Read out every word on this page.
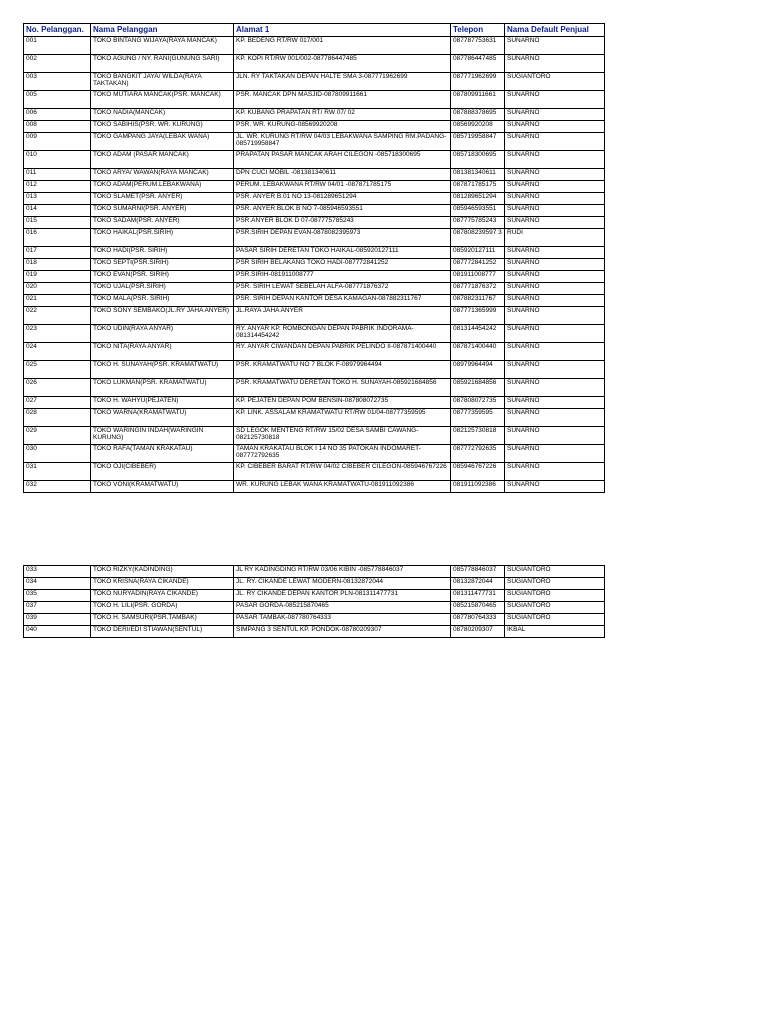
No. Pelanggan.	Nama Pelanggan	Alamat 1	Telepon	Nama Default Penjual
001	TOKO BINTANG WIJAYA(RAYA MANCAK)	KP. BEDENG RT/RW 017/001	087787753631	SUNARNO
002	TOKO AGUNG / NY. RANI(GUNUNG SARI)	KP. KOPI RT/RW 001/002-087786447485	087786447485	SUNARNO
003	TOKO BANGKIT JAYA/ WILDA(RAYA TAKTAKAN)	JLN. RY TAKTAKAN DEPAN HALTE SMA 3-087771962699	087771962699	SUGIANTORO
005	TOKO MUTIARA MANCAK(PSR. MANCAK)	PSR. MANCAK DPN MASJID-087809911661	087809911661	SUNARNO
006	TOKO NADIA(MANCAK)	KP. KUBANG PRAPATAN RT/ RW 07/ 02	087888378695	SUNARNO
008	TOKO SABIHIS(PSR. WR. KURUNG)	PSR. WR. KURUNG-08569920208	08569920208	SUNARNO
009	TOKO GAMPANG JAYA(LEBAK WANA)	JL. WR. KURUNG RT/RW 04/03 LEBAKWANA SAMPING RM.PADANG-085719958847	085719958847	SUNARNO
010	TOKO ADAM (PASAR MANCAK)	PRAPATAN PASAR MANCAK ARAH CILEGON -085718300695	085718300695	SUNARNO
011	TOKO ARYA/ WAWAN(RAYA MANCAK)	DPN CUCI MOBIL -081381340611	081381340611	SUNARNO
012	TOKO ADAM(PERUM.LEBAKWANA)	PERUM. LEBAKWANA RT/RW 04/01 -087871785175	087871785175	SUNARNO
013	TOKO SLAMET(PSR. ANYER)	PSR. ANYER B.01 NO 13-081289651294	081289651294	SUNARNO
014	TOKO SUMARNI(PSR. ANYER)	PSR. ANYER BLOK B NO 7-085946593551	085946593551	SUNARNO
015	TOKO SADAM(PSR. ANYER)	PSR.ANYER BLOK D 07-087775785243	087775785243	SUNARNO
016	TOKO HAIKAL(PSR.SIRIH)	PSR.SIRIH DEPAN EVAN-0878082395973	087808239597 3	RUDI
017	TOKO HADI(PSR. SIRIH)	PASAR SIRIH DERETAN TOKO HAIKAL-085920127111	085920127111	SUNARNO
018	TOKO SEPTI(PSR.SIRIH)	PSR SIRIH BELAKANG TOKO HADI-087772841252	087772841252	SUNARNO
019	TOKO EVAN(PSR. SIRIH)	PSR.SIRIH-081911008777	081911008777	SUNARNO
020	TOKO UJAL(PSR.SIRIH)	PSR. SIRIH LEWAT SEBELAH ALFA-087771876372	087771876372	SUNARNO
021	TOKO MALA(PSR. SIRIH)	PSR. SIRIH DEPAN KANTOR DESA KAMAGAN-087882311767	087882311767	SUNARNO
022	TOKO SONY SEMBAKO(JL.RY JAHA ANYER)	JL.RAYA JAHA ANYER	087771365999	SUNARNO
023	TOKO UDIN(RAYA ANYAR)	RY. ANYAR KP. ROMBONGAN DEPAN PABRIK INDORAMA-081314454242	081314454242	SUNARNO
024	TOKO NITA(RAYA ANYAR)	RY. ANYAR CIWANDAN DEPAN PABRIK PELINDO II-087871400440	087871400440	SUNARNO
025	TOKO H. SUNAYAH(PSR. KRAMATWATU)	PSR. KRAMATWATU NO 7 BLOK F-08979964494	08979964494	SUNARNO
026	TOKO LUKMAN(PSR. KRAMATWATU)	PSR. KRAMATWATU DERETAN TOKO H. SUNAYAH-085921684856	085921684856	SUNARNO
027	TOKO H. WAHYU(PEJATEN)	KP. PEJATEN DEPAN POM BENSIN-087808072735	087808072735	SUNARNO
028	TOKO WARNA(KRAMATWATU)	KP. LINK. ASSALAM KRAMATWATU RT/RW 01/04-08777359595	08777359595	SUNARNO
029	TOKO WARINGIN INDAH(WARINGIN KURUNG)	SD LEGOK MENTENG RT/RW 15/02 DESA SAMBI CAWANG-082125730818	082125730818	SUNARNO
030	TOKO RAFA(TAMAN KRAKATAU)	TAMAN KRAKATAU BLOK I 14 NO 35 PATOKAN INDOMARET-087772792635	087772792635	SUNARNO
031	TOKO OJI(CIBEBER)	KP. CIBEBER BARAT RT/RW 04/02 CIBEBER CILEGON-085946767226	085946767226	SUNARNO
032	TOKO VONI(KRAMATWATU)	WR. KURUNG LEBAK WANA KRAMATWATU-081911092386	081911092386	SUNARNO
033	TOKO RIZKY(KADINDING)	JL RY KADINGDING RT/RW 03/06 KIBIN -085778846037	085778846037	SUGIANTORO
034	TOKO KRISNA(RAYA CIKANDE)	JL. RY. CIKANDE LEWAT MODERN-08132872044	08132872044	SUGIANTORO
035	TOKO NURYADIN(RAYA CIKANDE)	JL. RY CIKANDE DEPAN KANTOR PLN-081311477731	081311477731	SUGIANTORO
037	TOKO H. LILI(PSR. GORDA)	PASAR GORDA-085215870465	085215870465	SUGIANTORO
039	TOKO H. SAMSURI(PSR.TAMBAK)	PASAR TAMBAK-087780764333	087780764333	SUGIANTORO
040	TOKO DERI/EDI STIAWAN(SENTUL)	SIMPANG 3 SENTUL KP. PONDOK-08780209307	08780209307	IKBAL
